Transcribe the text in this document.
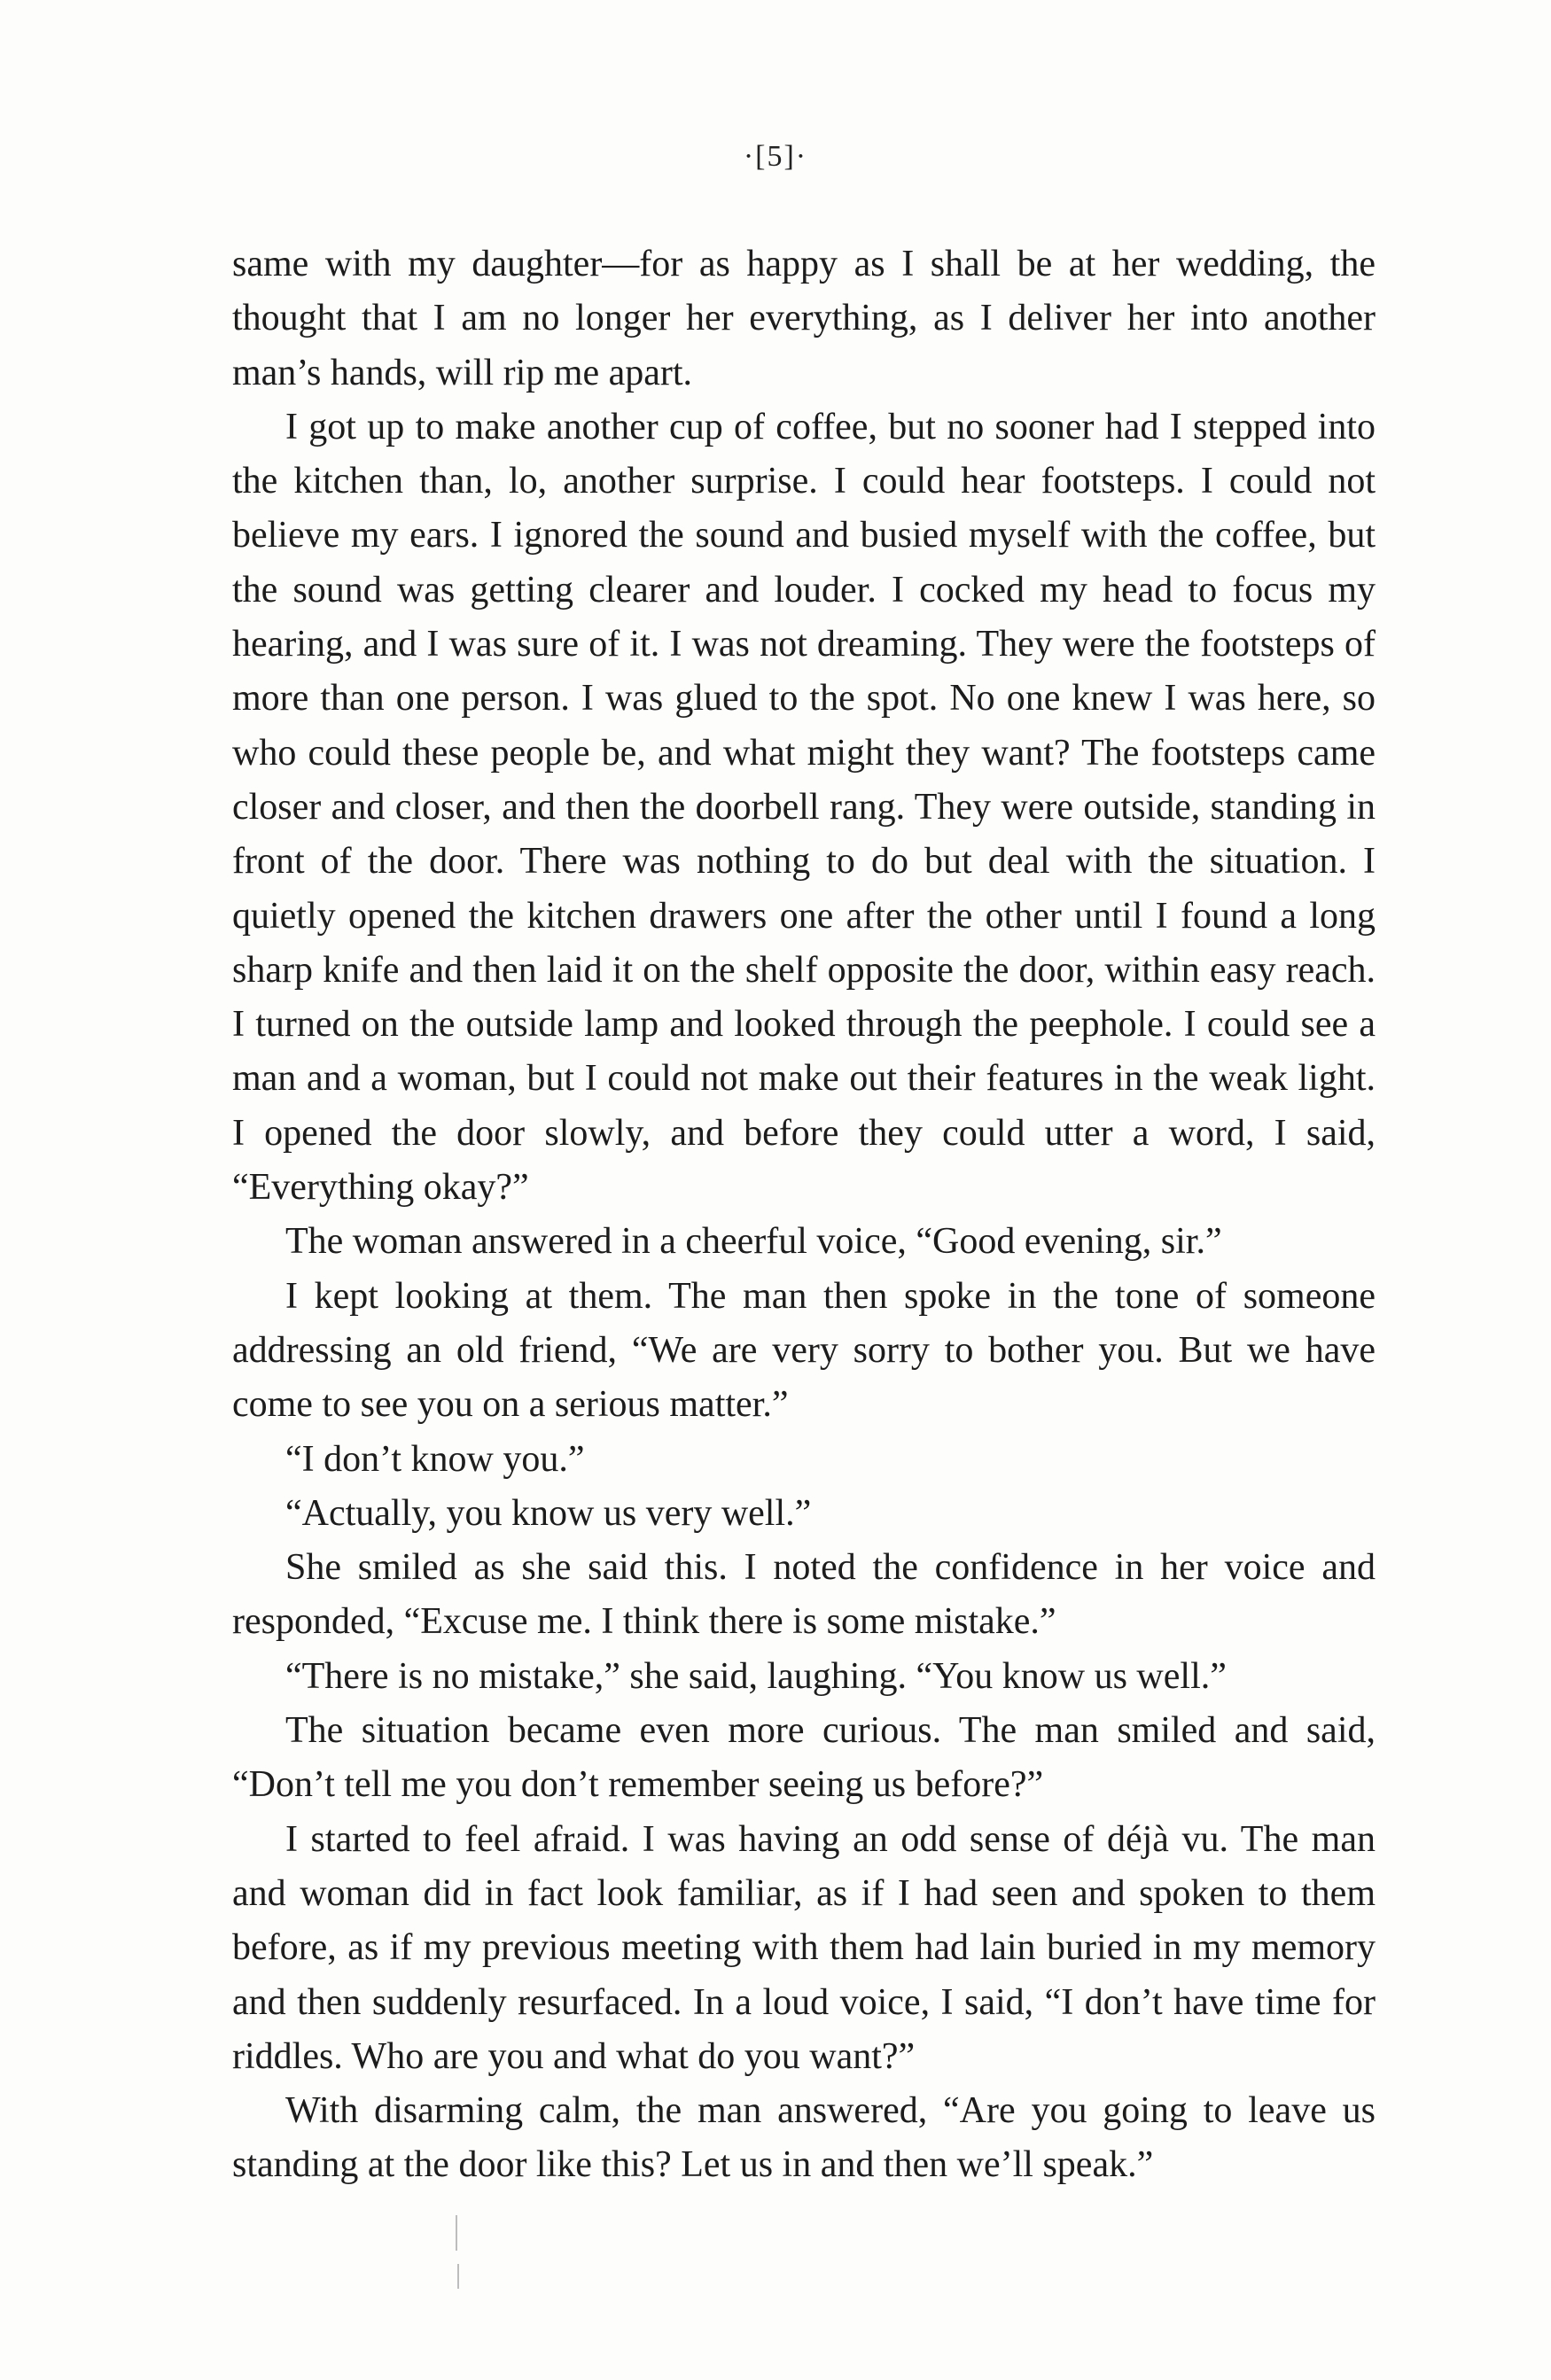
·[5]·

same with my daughter—for as happy as I shall be at her wedding, the thought that I am no longer her everything, as I deliver her into another man’s hands, will rip me apart.

I got up to make another cup of coffee, but no sooner had I stepped into the kitchen than, lo, another surprise. I could hear footsteps. I could not believe my ears. I ignored the sound and busied myself with the coffee, but the sound was getting clearer and louder. I cocked my head to focus my hearing, and I was sure of it. I was not dreaming. They were the footsteps of more than one person. I was glued to the spot. No one knew I was here, so who could these people be, and what might they want? The footsteps came closer and closer, and then the doorbell rang. They were outside, standing in front of the door. There was nothing to do but deal with the situation. I quietly opened the kitchen drawers one after the other until I found a long sharp knife and then laid it on the shelf opposite the door, within easy reach. I turned on the outside lamp and looked through the peephole. I could see a man and a woman, but I could not make out their features in the weak light. I opened the door slowly, and before they could utter a word, I said, “Everything okay?”

The woman answered in a cheerful voice, “Good evening, sir.”

I kept looking at them. The man then spoke in the tone of someone addressing an old friend, “We are very sorry to bother you. But we have come to see you on a serious matter.”

“I don’t know you.”

“Actually, you know us very well.”

She smiled as she said this. I noted the confidence in her voice and responded, “Excuse me. I think there is some mistake.”

“There is no mistake,” she said, laughing. “You know us well.”

The situation became even more curious. The man smiled and said, “Don’t tell me you don’t remember seeing us before?”

I started to feel afraid. I was having an odd sense of déjà vu. The man and woman did in fact look familiar, as if I had seen and spoken to them before, as if my previous meeting with them had lain buried in my memory and then suddenly resurfaced. In a loud voice, I said, “I don’t have time for riddles. Who are you and what do you want?”

With disarming calm, the man answered, “Are you going to leave us standing at the door like this? Let us in and then we’ll speak.”
